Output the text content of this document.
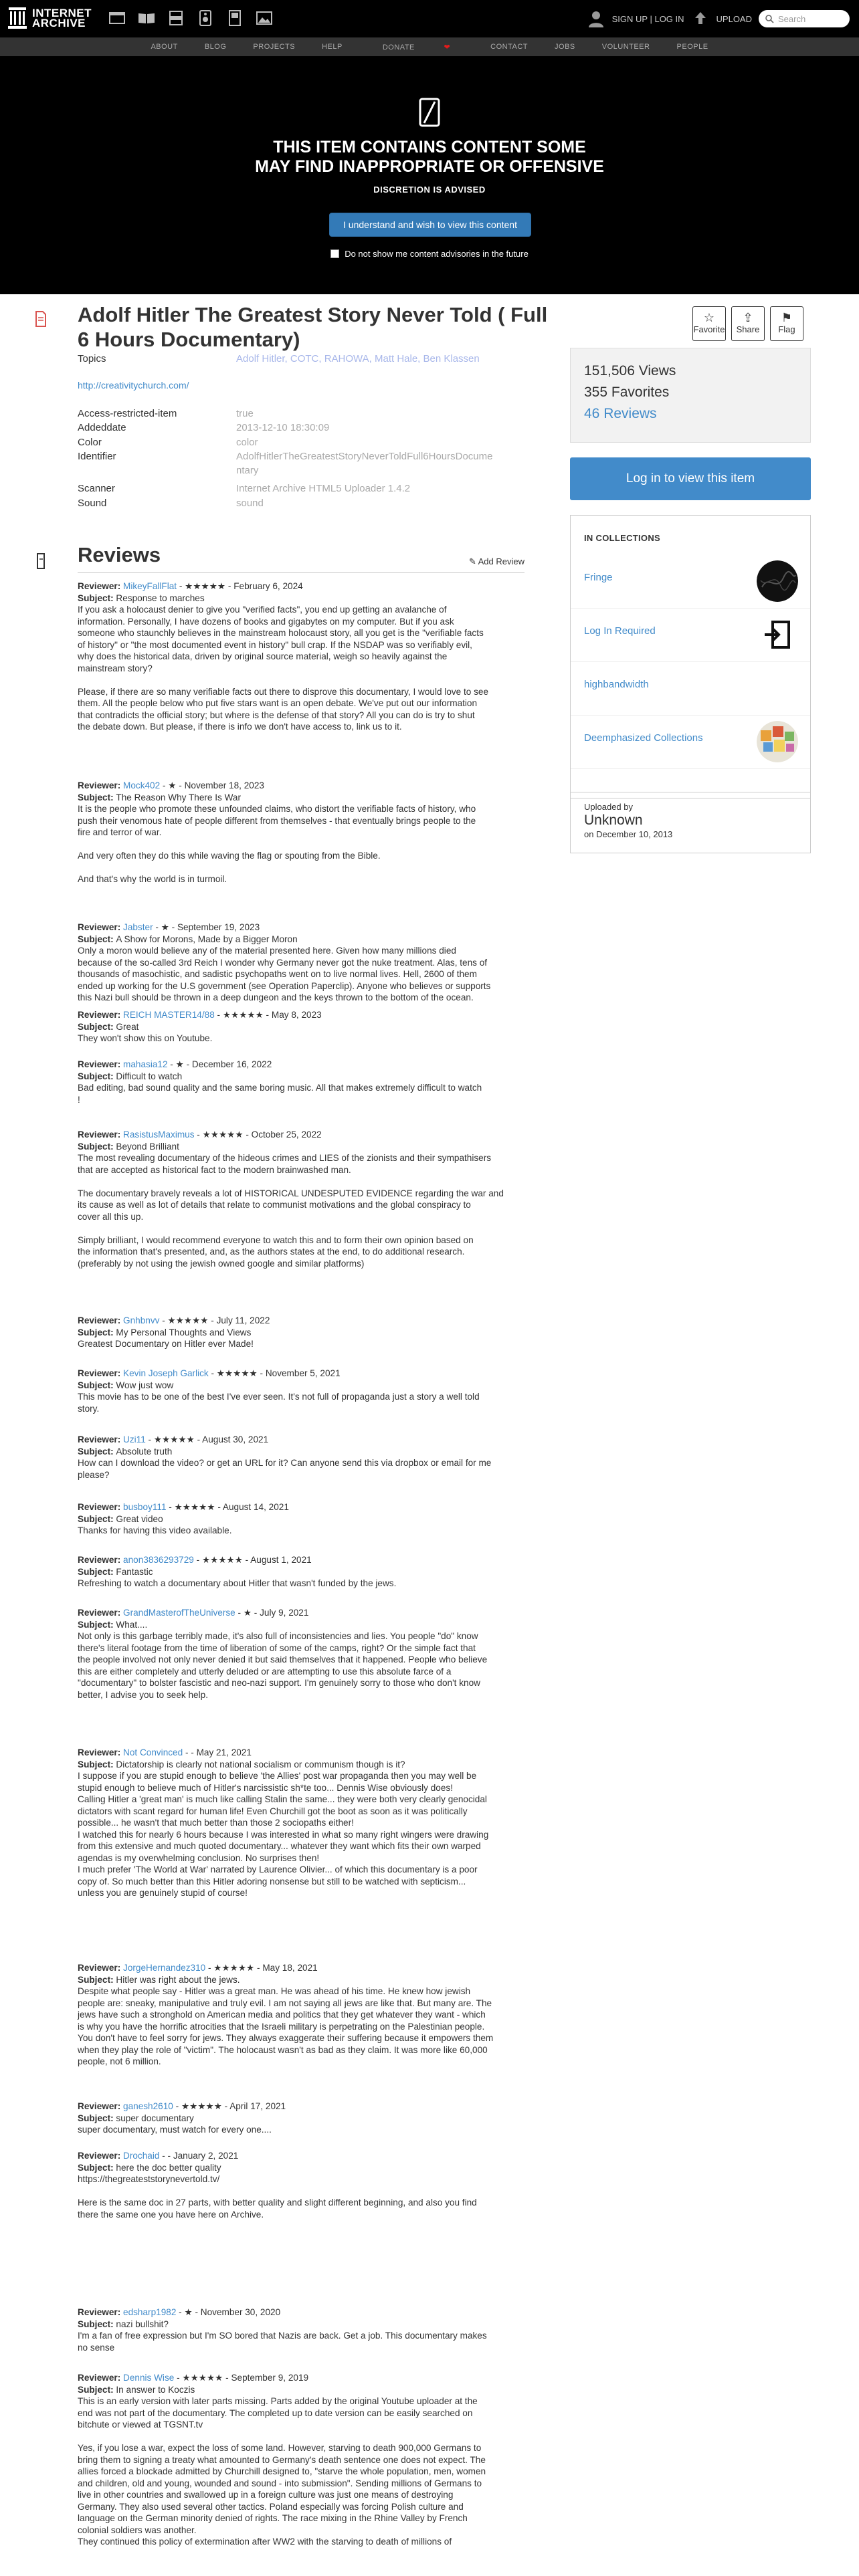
INTERNET
ARCHIVE	SIGN UP | LOG IN	UPLOAD	Search
ABOUT	BLOG	PROJECTS	HELP	DONATE	❤	CONTACT	JOBS	VOLUNTEER	PEOPLE
THIS ITEM CONTAINS CONTENT SOME
MAY FIND INAPPROPRIATE OR OFFENSIVE
DISCRETION IS ADVISED
I understand and wish to view this content
Do not show me content advisories in the future
Adolf Hitler The Greatest Story Never Told ( Full 6 Hours Documentary)
☆
Favorite
⇪
Share
⚑
Flag
Topics	Adolf Hitler, COTC, RAHOWA, Matt Hale, Ben Klassen
http://creativitychurch.com/
Access-restricted-item	true
Addeddate	2013-12-10 18:30:09
Color	color
Identifier	AdolfHitlerTheGreatestStoryNeverToldFull6HoursDocume
ntary
Scanner	Internet Archive HTML5 Uploader 1.4.2
Sound	sound
151,506 Views
355 Favorites
46 Reviews
Log in to view this item
IN COLLECTIONS
Fringe
Log In Required
highbandwidth
Deemphasized Collections
Uploaded by
Unknown
on December 10, 2013
Reviews	✎ Add Review

Reviewer: MikeyFallFlat - ★★★★★ - February 6, 2024

Subject: Response to marches

If you ask a holocaust denier to give you "verified facts", you end up getting an avalanche of
information. Personally, I have dozens of books and gigabytes on my computer. But if you ask
someone who staunchly believes in the mainstream holocaust story, all you get is the "verifiable facts
of history" or "the most documented event in history" bull crap. If the NSDAP was so verifiably evil,
why does the historical data, driven by original source material, weigh so heavily against the
mainstream story?

Please, if there are so many verifiable facts out there to disprove this documentary, I would love to see
them. All the people below who put five stars want is an open debate. We've put out our information
that contradicts the official story; but where is the defense of that story? All you can do is try to shut
the debate down. But please, if there is info we don't have access to, link us to it.

Reviewer: Mock402 - ★ - November 18, 2023

Subject: The Reason Why There Is War

It is the people who promote these unfounded claims, who distort the verifiable facts of history, who
push their venomous hate of people different from themselves - that eventually brings people to the
fire and terror of war.

And very often they do this while waving the flag or spouting from the Bible.

And that's why the world is in turmoil.

Reviewer: Jabster - ★ - September 19, 2023

Subject: A Show for Morons, Made by a Bigger Moron

Only a moron would believe any of the material presented here. Given how many millions died
because of the so-called 3rd Reich I wonder why Germany never got the nuke treatment. Alas, tens of
thousands of masochistic, and sadistic psychopaths went on to live normal lives. Hell, 2600 of them
ended up working for the U.S government (see Operation Paperclip). Anyone who believes or supports
this Nazi bull should be thrown in a deep dungeon and the keys thrown to the bottom of the ocean.

Reviewer: REICH MASTER14/88 - ★★★★★ - May 8, 2023

Subject: Great

They won't show this on Youtube.

Reviewer: mahasia12 - ★ - December 16, 2022

Subject: Difficult to watch

Bad editing, bad sound quality and the same boring music. All that makes extremely difficult to watch
!

Reviewer: RasistusMaximus - ★★★★★ - October 25, 2022

Subject: Beyond Brilliant

The most revealing documentary of the hideous crimes and LIES of the zionists and their sympathisers
that are accepted as historical fact to the modern brainwashed man.

The documentary bravely reveals a lot of HISTORICAL UNDESPUTED EVIDENCE regarding the war and
its cause as well as lot of details that relate to communist motivations and the global conspiracy to
cover all this up.

Simply brilliant, I would recommend everyone to watch this and to form their own opinion based on
the information that's presented, and, as the authors states at the end, to do additional research.
(preferably by not using the jewish owned google and similar platforms)

Reviewer: Gnhbnvv - ★★★★★ - July 11, 2022

Subject: My Personal Thoughts and Views

Greatest Documentary on Hitler ever Made!

Reviewer: Kevin Joseph Garlick - ★★★★★ - November 5, 2021

Subject: Wow just wow

This movie has to be one of the best I've ever seen. It's not full of propaganda just a story a well told
story.

Reviewer: Uzi11 - ★★★★★ - August 30, 2021

Subject: Absolute truth

How can I download the video? or get an URL for it? Can anyone send this via dropbox or email for me
please?

Reviewer: busboy111 - ★★★★★ - August 14, 2021

Subject: Great video

Thanks for having this video available.

Reviewer: anon3836293729 - ★★★★★ - August 1, 2021

Subject: Fantastic

Refreshing to watch a documentary about Hitler that wasn't funded by the jews.

Reviewer: GrandMasterofTheUniverse - ★ - July 9, 2021

Subject: What....

Not only is this garbage terribly made, it's also full of inconsistencies and lies. You people "do" know
there's literal footage from the time of liberation of some of the camps, right? Or the simple fact that
the people involved not only never denied it but said themselves that it happened. People who believe
this are either completely and utterly deluded or are attempting to use this absolute farce of a
"documentary" to bolster fascistic and neo-nazi support. I'm genuinely sorry to those who don't know
better, I advise you to seek help.

Reviewer: Not Convinced - - May 21, 2021

Subject: Dictatorship is clearly not national socialism or communism though is it?

I suppose if you are stupid enough to believe 'the Allies' post war propaganda then you may well be
stupid enough to believe much of Hitler's narcissistic sh*te too... Dennis Wise obviously does!
Calling Hitler a 'great man' is much like calling Stalin the same... they were both very clearly genocidal
dictators with scant regard for human life! Even Churchill got the boot as soon as it was politically
possible... he wasn't that much better than those 2 sociopaths either!
I watched this for nearly 6 hours because I was interested in what so many right wingers were drawing
from this extensive and much quoted documentary... whatever they want which fits their own warped
agendas is my overwhelming conclusion. No surprises then!
I much prefer 'The World at War' narrated by Laurence Olivier... of which this documentary is a poor
copy of. So much better than this Hitler adoring nonsense but still to be watched with septicism...
unless you are genuinely stupid of course!

Reviewer: JorgeHernandez310 - ★★★★★ - May 18, 2021

Subject: Hitler was right about the jews.

Despite what people say - Hitler was a great man. He was ahead of his time. He knew how jewish
people are: sneaky, manipulative and truly evil. I am not saying all jews are like that. But many are. The
jews have such a stronghold on American media and politics that they get whatever they want - which
is why you have the horrific atrocities that the Israeli military is perpetrating on the Palestinian people.
You don't have to feel sorry for jews. They always exaggerate their suffering because it empowers them
when they play the role of "victim". The holocaust wasn't as bad as they claim. It was more like 60,000
people, not 6 million.

Reviewer: ganesh2610 - ★★★★★ - April 17, 2021

Subject: super documentary

super documentary, must watch for every one....

Reviewer: Drochaid - - January 2, 2021

Subject: here the doc better quality

https://thegreateststorynevertold.tv/

Here is the same doc in 27 parts, with better quality and slight different beginning, and also you find
there the same one you have here on Archive.

Reviewer: edsharp1982 - ★ - November 30, 2020

Subject: nazi bullshit?

I'm a fan of free expression but I'm SO bored that Nazis are back. Get a job. This documentary makes
no sense

Reviewer: Dennis Wise - ★★★★★ - September 9, 2019

Subject: In answer to Koczis

This is an early version with later parts missing. Parts added by the original Youtube uploader at the
end was not part of the documentary. The completed up to date version can be easily searched on
bitchute or viewed at TGSNT.tv

Yes, if you lose a war, expect the loss of some land. However, starving to death 900,000 Germans to
bring them to signing a treaty what amounted to Germany's death sentence one does not expect. The
allies forced a blockade admitted by Churchill designed to, "starve the whole population, men, women
and children, old and young, wounded and sound - into submission". Sending millions of Germans to
live in other countries and swallowed up in a foreign culture was just one means of destroying
Germany. They also used several other tactics. Poland especially was forcing Polish culture and
language on the German minority denied of rights. The race mixing in the Rhine Valley by French
colonial soldiers was another.
They continued this policy of extermination after WW2 with the starving to death of millions of
